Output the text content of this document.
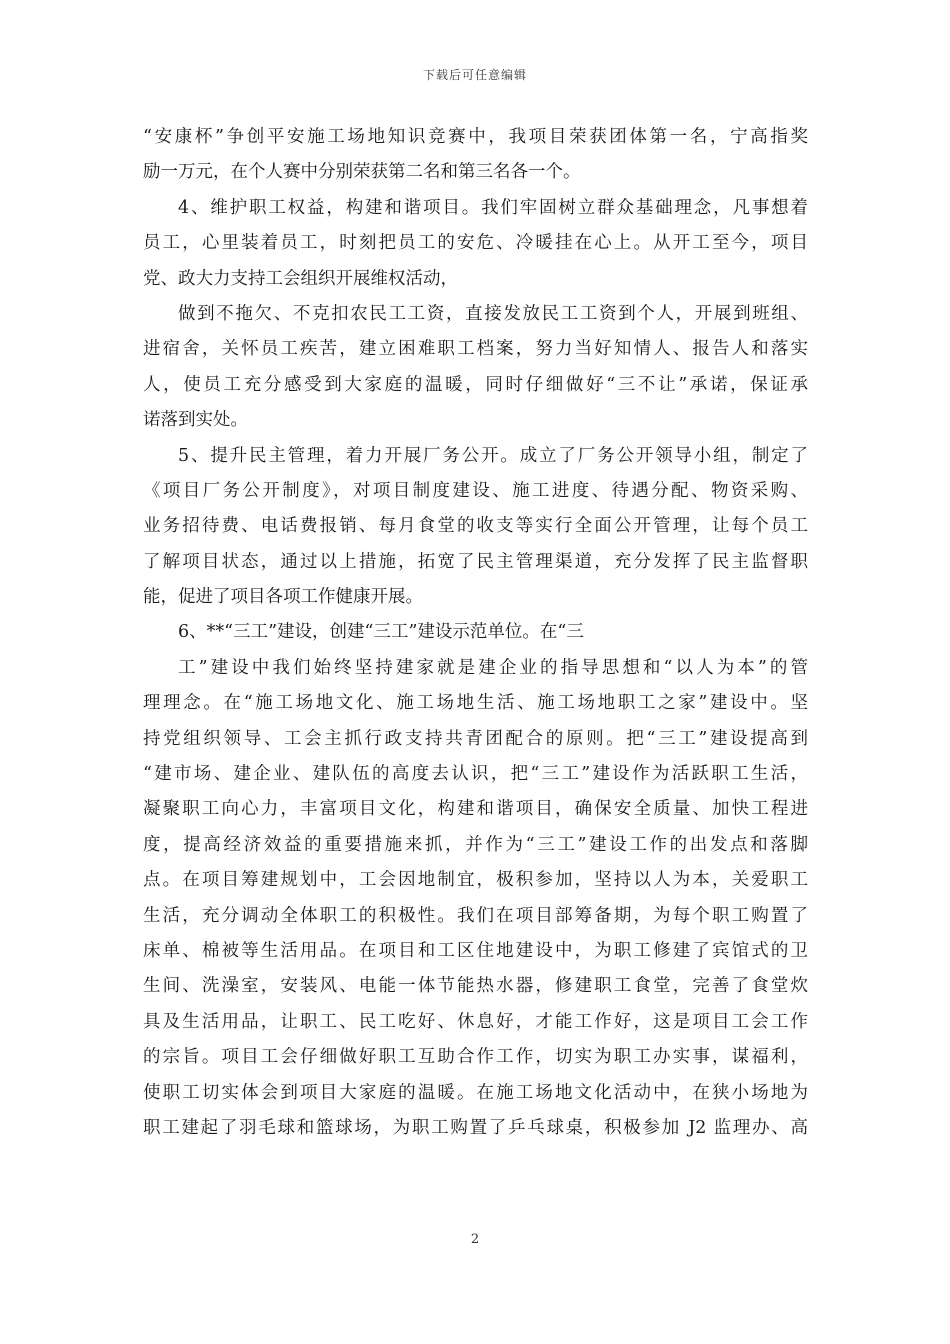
下载后可任意编辑
“安康杯”争创平安施工场地知识竞赛中，我项目荣获团体第一名，宁高指奖
励一万元，在个人赛中分别荣获第二名和第三名各一个。
4、维护职工权益，构建和谐项目。我们牢固树立群众基础理念，凡事想着
员工，心里装着员工，时刻把员工的安危、冷暖挂在心上。从开工至今，项目
党、政大力支持工会组织开展维权活动，
做到不拖欠、不克扣农民工工资，直接发放民工工资到个人，开展到班组、
进宿舍，关怀员工疾苦，建立困难职工档案，努力当好知情人、报告人和落实
人，使员工充分感受到大家庭的温暖，同时仔细做好“三不让”承诺，保证承
诺落到实处。
5、提升民主管理，着力开展厂务公开。成立了厂务公开领导小组，制定了
《项目厂务公开制度》，对项目制度建设、施工进度、待遇分配、物资采购、
业务招待费、电话费报销、每月食堂的收支等实行全面公开管理，让每个员工
了解项目状态，通过以上措施，拓宽了民主管理渠道，充分发挥了民主监督职
能，促进了项目各项工作健康开展。
6、**“三工”建设，创建“三工”建设示范单位。在“三
工”建设中我们始终坚持建家就是建企业的指导思想和“以人为本”的管
理理念。在“施工场地文化、施工场地生活、施工场地职工之家”建设中。坚
持党组织领导、工会主抓行政支持共青团配合的原则。把“三工”建设提高到
“建市场、建企业、建队伍的高度去认识，把“三工”建设作为活跃职工生活，
凝聚职工向心力，丰富项目文化，构建和谐项目，确保安全质量、加快工程进
度，提高经济效益的重要措施来抓，并作为“三工”建设工作的出发点和落脚
点。在项目筹建规划中，工会因地制宜，极积参加，坚持以人为本，关爱职工
生活，充分调动全体职工的积极性。我们在项目部筹备期，为每个职工购置了
床单、棉被等生活用品。在项目和工区住地建设中，为职工修建了宾馆式的卫
生间、洗澡室，安装风、电能一体节能热水器，修建职工食堂，完善了食堂炊
具及生活用品，让职工、民工吃好、休息好，才能工作好，这是项目工会工作
的宗旨。项目工会仔细做好职工互助合作工作，切实为职工办实事，谋福利，
使职工切实体会到项目大家庭的温暖。在施工场地文化活动中，在狭小场地为
职工建起了羽毛球和篮球场，为职工购置了乒乓球桌，积极参加 J2 监理办、高
2
